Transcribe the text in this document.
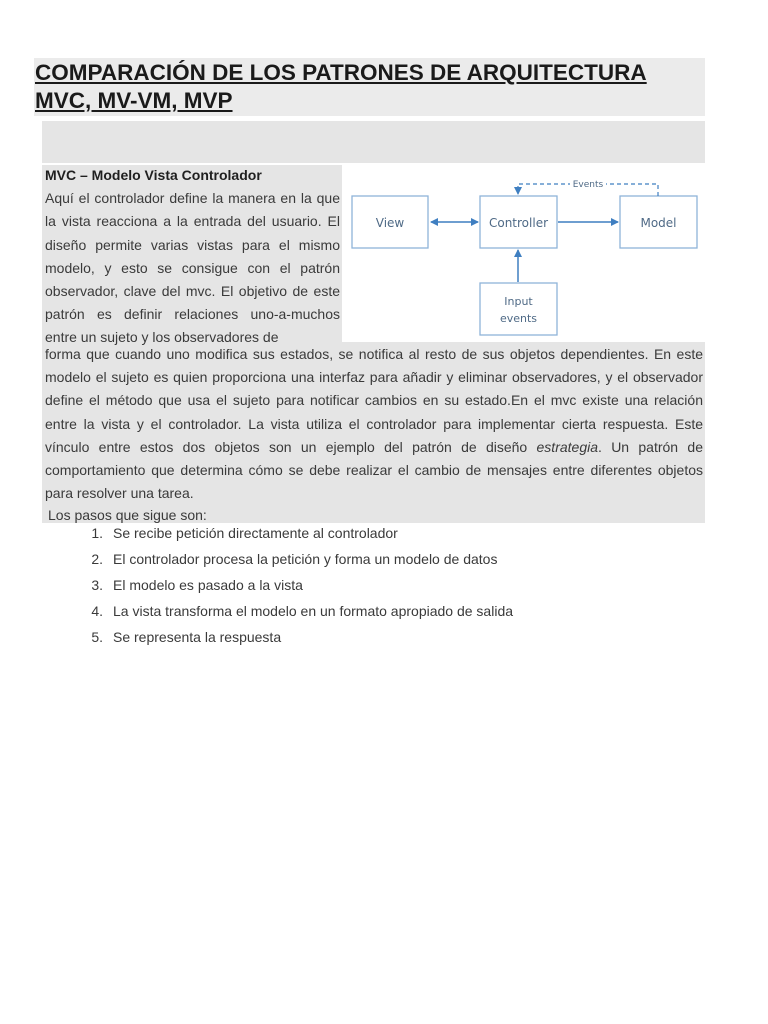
COMPARACIÓN DE LOS PATRONES DE ARQUITECTURA MVC, MV-VM, MVP
MVC – Modelo Vista Controlador
Aquí el controlador define la manera en la que la vista reacciona a la entrada del usuario. El diseño permite varias vistas para el mismo modelo, y esto se consigue con el patrón observador, clave del mvc. El objetivo de este patrón es definir relaciones uno-a-muchos entre un sujeto y los observadores de
View	Controller	Model
Input
events
Events
forma que cuando uno modifica sus estados, se notifica al resto de sus objetos dependientes. En este modelo el sujeto es quien proporciona una interfaz para añadir y eliminar observadores, y el observador define el método que usa el sujeto para notificar cambios en su estado.En el mvc existe una relación entre la vista y el controlador. La vista utiliza el controlador para implementar cierta respuesta. Este vínculo entre estos dos objetos son un ejemplo del patrón de diseño estrategia. Un patrón de comportamiento que determina cómo se debe realizar el cambio de mensajes entre diferentes objetos para resolver una tarea.
Los pasos que sigue son:
1. Se recibe petición directamente al controlador
2. El controlador procesa la petición y forma un modelo de datos
3. El modelo es pasado a la vista
4. La vista transforma el modelo en un formato apropiado de salida
5. Se representa la respuesta
